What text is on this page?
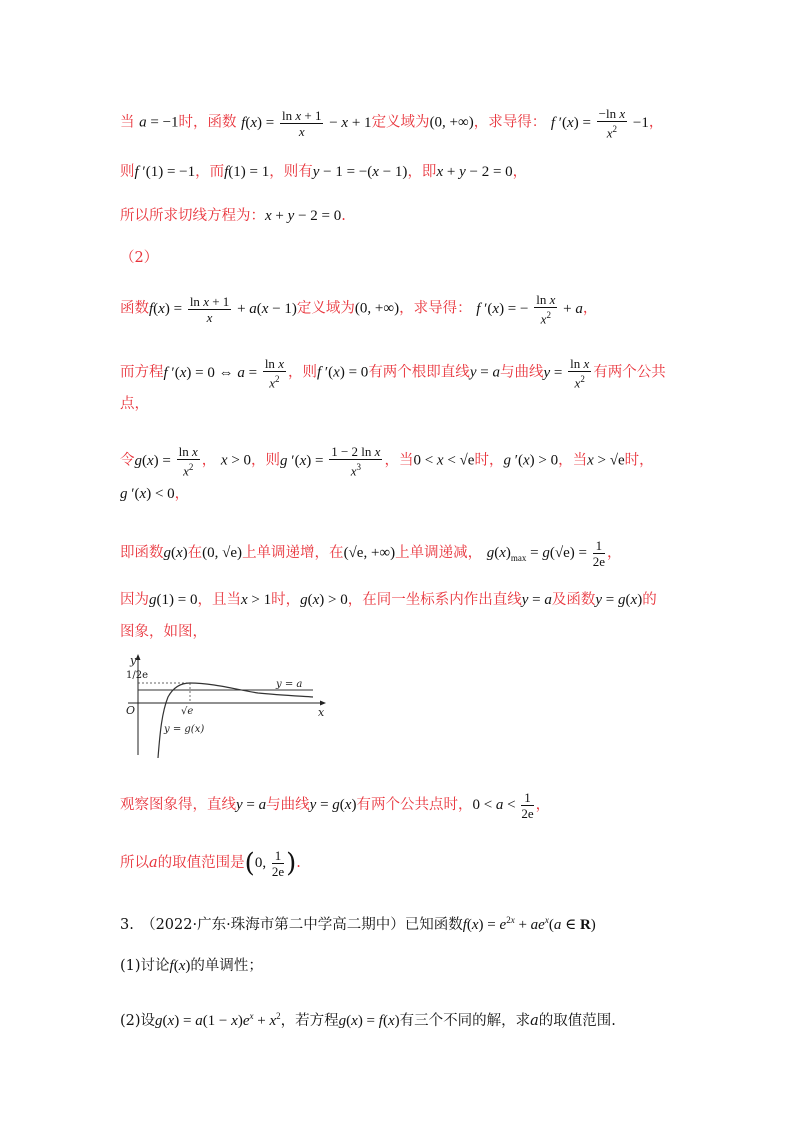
当 a = −1时，函数 $f(x) = \frac{\text{ln x + 1}}{x} - x + 1$定义域为(0, +∞)，求导得： f $'(x) = \frac{\text{−ln x}}{x^2} -1$，
则f ′(1) = −1，而f(1) = 1，则有y − 1 = −(x − 1)，即x + y − 2 = 0，
所以所求切线方程为：x + y − 2 = 0.
（2）
函数$f(x) = \frac{\text{ln x + 1}}{x} + a(x - 1)$定义域为(0, +∞)，求导得： f ′(x) = − $\frac{\text{ln x}}{x^2} + a$，
而方程f ′(x) = 0 ⇔ $a = \frac{\text{ln x}}{x^2}$ ，则f ′(x) = 0有两个根即直线y = a与曲线$y = \frac{\text{ln x}}{x^2}$ 有两个公共
点，
令$g(x) = \frac{\text{ln x}}{x^2}$ ， x > 0，则g $'(x) = \frac{\text{1 − 2 ln x}}{x^3}$ ，当0 < x < √e时，g ′(x) > 0，当x > √e时，
g ′(x) < 0，
即函数g(x)在(0, √e)上单调递增，在(√e, +∞)上单调递减， $g(x)_{max} = g(√e) = \frac{1}{2e}$ ，
因为g(1) = 0，且当x > 1时，g(x) > 0，在同一坐标系内作出直线y = a及函数y = g(x)的
图象，如图，
y
x
O
1/2e
√e
y = a
y = g(x)
观察图象得，直线y = a与曲线y = g(x)有两个公共点时，$0 < a < \frac{1}{2e}$ ，
所以a的取值范围是(0, $\frac{1}{2e}$ ).
3.　（2022·广东·珠海市第二中学高二期中）已知函数$f(x) = e^{2x} + ae^x(a$ ∈ R)
(1)讨论f(x)的单调性；
(2)设$g(x) = a(1 - x)e^x + x^2$，若方程g(x) = f(x)有三个不同的解，求a的取值范围.
